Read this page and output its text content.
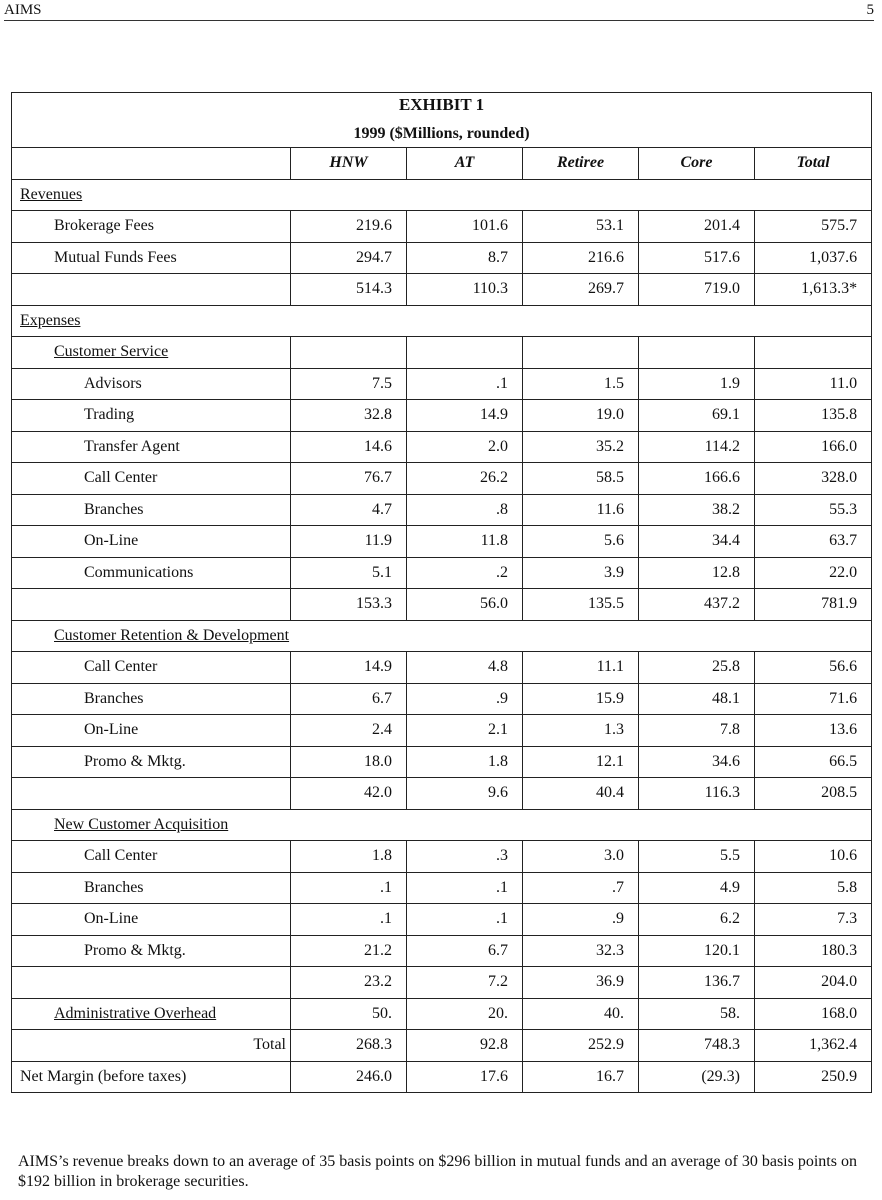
AIMS	5
EXHIBIT 1
1999 ($Millions, rounded)					

	HNW	AT	Retiree	Core	Total
Revenues					
Brokerage Fees	219.6	101.6	53.1	201.4	575.7
Mutual Funds Fees	294.7	8.7	216.6	517.6	1,037.6
	514.3	110.3	269.7	719.0	1,613.3*
Expenses					
Customer Service					
Advisors	7.5	.1	1.5	1.9	11.0
Trading	32.8	14.9	19.0	69.1	135.8
Transfer Agent	14.6	2.0	35.2	114.2	166.0
Call Center	76.7	26.2	58.5	166.6	328.0
Branches	4.7	.8	11.6	38.2	55.3
On-Line	11.9	11.8	5.6	34.4	63.7
Communications	5.1	.2	3.9	12.8	22.0
	153.3	56.0	135.5	437.2	781.9
Customer Retention & Development					
Call Center	14.9	4.8	11.1	25.8	56.6
Branches	6.7	.9	15.9	48.1	71.6
On-Line	2.4	2.1	1.3	7.8	13.6
Promo & Mktg.	18.0	1.8	12.1	34.6	66.5
	42.0	9.6	40.4	116.3	208.5
New Customer Acquisition					
Call Center	1.8	.3	3.0	5.5	10.6
Branches	.1	.1	.7	4.9	5.8
On-Line	.1	.1	.9	6.2	7.3
Promo & Mktg.	21.2	6.7	32.3	120.1	180.3
	23.2	7.2	36.9	136.7	204.0
Administrative Overhead	50.	20.	40.	58.	168.0
Total	268.3	92.8	252.9	748.3	1,362.4
Net Margin (before taxes)	246.0	17.6	16.7	(29.3)	250.9
AIMS’s revenue breaks down to an average of 35 basis points on $296 billion in mutual funds and an average of 30 basis points on $192 billion in brokerage securities.
